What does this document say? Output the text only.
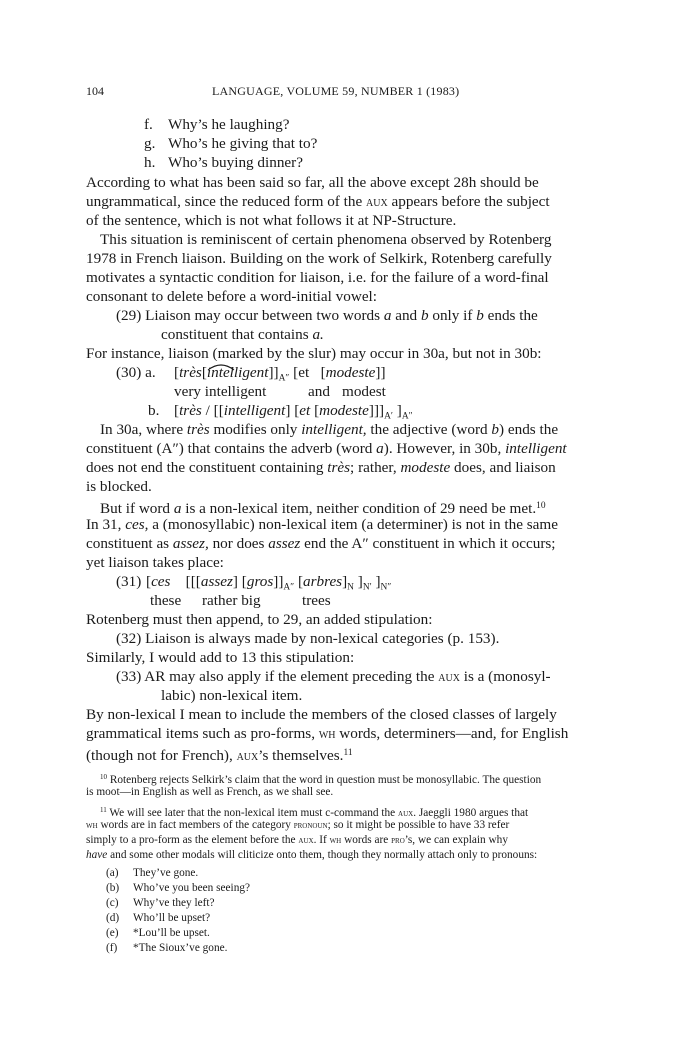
104	LANGUAGE, VOLUME 59, NUMBER 1 (1983)
f. Why’s he laughing?
g. Who’s he giving that to?
h. Who’s buying dinner?
According to what has been said so far, all the above except 28h should be
ungrammatical, since the reduced form of the aux appears before the subject
of the sentence, which is not what follows it at NP-Structure.
This situation is reminiscent of certain phenomena observed by Rotenberg
1978 in French liaison. Building on the work of Selkirk, Rotenberg carefully
motivates a syntactic condition for liaison, i.e. for the failure of a word-final
consonant to delete before a word-initial vowel:
(29) Liaison may occur between two words a and b only if b ends the
constituent that contains a.
For instance, liaison (marked by the slur) may occur in 30a, but not in 30b:
(30) a. $[très[intelligent]]_{A''}$ [et [modeste]]
very intelligent	and modest
b. [très / [[intelligent] [et $[modeste]]]_{A'}$ ]$_{A''}$
In 30a, where très modifies only intelligent, the adjective (word b) ends the
constituent (A″) that contains the adverb (word a). However, in 30b, intelligent
does not end the constituent containing très; rather, modeste does, and liaison
is blocked.
But if word a is a non-lexical item, neither condition of 29 need be met.$^{10}$
In 31, ces, a (monosyllabic) non-lexical item (a determiner) is not in the same
constituent as assez, nor does assez end the A″ constituent in which it occurs;
yet liaison takes place:
(31) [ces [[[assez] $[gros]]_{A''}$ $[arbres]_N$ ]$_{N'}$ ]$_{N''}$
these rather big	trees
Rotenberg must then append, to 29, an added stipulation:
(32) Liaison is always made by non-lexical categories (p. 153).
Similarly, I would add to 13 this stipulation:
(33) AR may also apply if the element preceding the aux is a (monosyl-
labic) non-lexical item.
By non-lexical I mean to include the members of the closed classes of largely
grammatical items such as pro-forms, wh words, determiners—and, for English
(though not for French), aux’s themselves.$^{11}$
$^{10}$ Rotenberg rejects Selkirk’s claim that the word in question must be monosyllabic. The question
is moot—in English as well as French, as we shall see.
$^{11}$ We will see later that the non-lexical item must c-command the aux. Jaeggli 1980 argues that
wh words are in fact members of the category pronoun; so it might be possible to have 33 refer
simply to a pro-form as the element before the aux. If wh words are pro’s, we can explain why
have and some other modals will cliticize onto them, though they normally attach only to pronouns:
(a) They’ve gone.
(b) Who’ve you been seeing?
(c) Why’ve they left?
(d) Who’ll be upset?
(e) *Lou’ll be upset.
(f) *The Sioux’ve gone.
